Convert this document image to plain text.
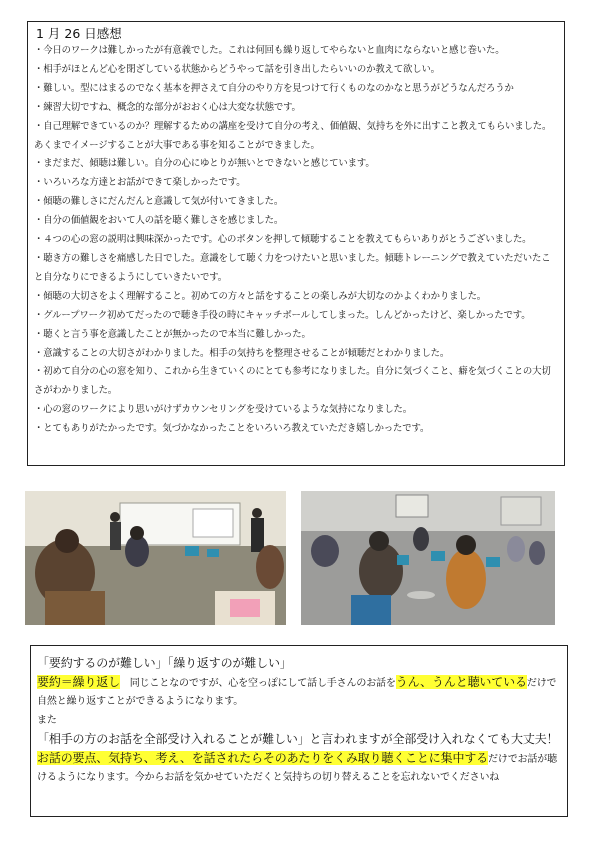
1 月 26 日感想
・今日のワークは難しかったが有意義でした。これは何回も繰り返してやらないと血肉にならないと感じ巻いた。
・相手がほとんど心を閉ざしている状態からどうやって話を引き出したらいいのか教えて欲しい。
・難しい。型にはまるのでなく基本を押さえて自分のやり方を見つけて行くものなのかなと思うがどうなんだろうか
・練習大切ですね、概念的な部分がおおく心は大変な状態です。
・自己理解できているのか？理解するための講座を受けて自分の考え、価値観、気持ちを外に出すこと教えてもらいました。あくまでイメージすることが大事である事を知ることができました。
・まだまだ、傾聴は難しい。自分の心にゆとりが無いとできないと感じています。
・いろいろな方達とお話ができて楽しかったです。
・傾聴の難しさにだんだんと意識して気が付いてきました。
・自分の価値観をおいて人の話を聴く難しさを感じました。
・４つの心の窓の説明は興味深かったです。心のボタンを押して傾聴することを教えてもらいありがとうございました。
・聴き方の難しさを痛感した日でした。意識をして聴く力をつけたいと思いました。傾聴トレーニングで教えていただいたこと自分なりにできるようにしていきたいです。
・傾聴の大切さをよく理解すること。初めての方々と話をすることの楽しみが大切なのかよくわかりました。
・グループワーク初めてだったので聴き手役の時にキャッチボールしてしまった。しんどかったけど、楽しかったです。
・聴くと言う事を意識したことが無かったので本当に難しかった。
・意識することの大切さがわかりました。相手の気持ちを整理させることが傾聴だとわかりました。
・初めて自分の心の窓を知り、これから生きていくのにとても参考になりました。自分に気づくこと、癖を気づくことの大切さがわかりました。
・心の窓のワークにより思いがけずカウンセリングを受けているような気持になりました。
・とてもありがたかったです。気づかなかったことをいろいろ教えていただき嬉しかったです。
「要約するのが難しい」「繰り返すのが難しい」
要約＝繰り返し　同じことなのですが、心を空っぽにして話し手さんのお話をうん、うんと聴いているだけで自然と繰り返すことができるようになります。
また
「相手の方のお話を全部受け入れることが難しい」と言われますが全部受け入れなくても大丈夫！
お話の要点、気持ち、考え、を話されたらそのあたりをくみ取り聴くことに集中するだけでお話が聴けるようになります。今からお話を気かせていただくと気持ちの切り替えることを忘れないでくださいね
